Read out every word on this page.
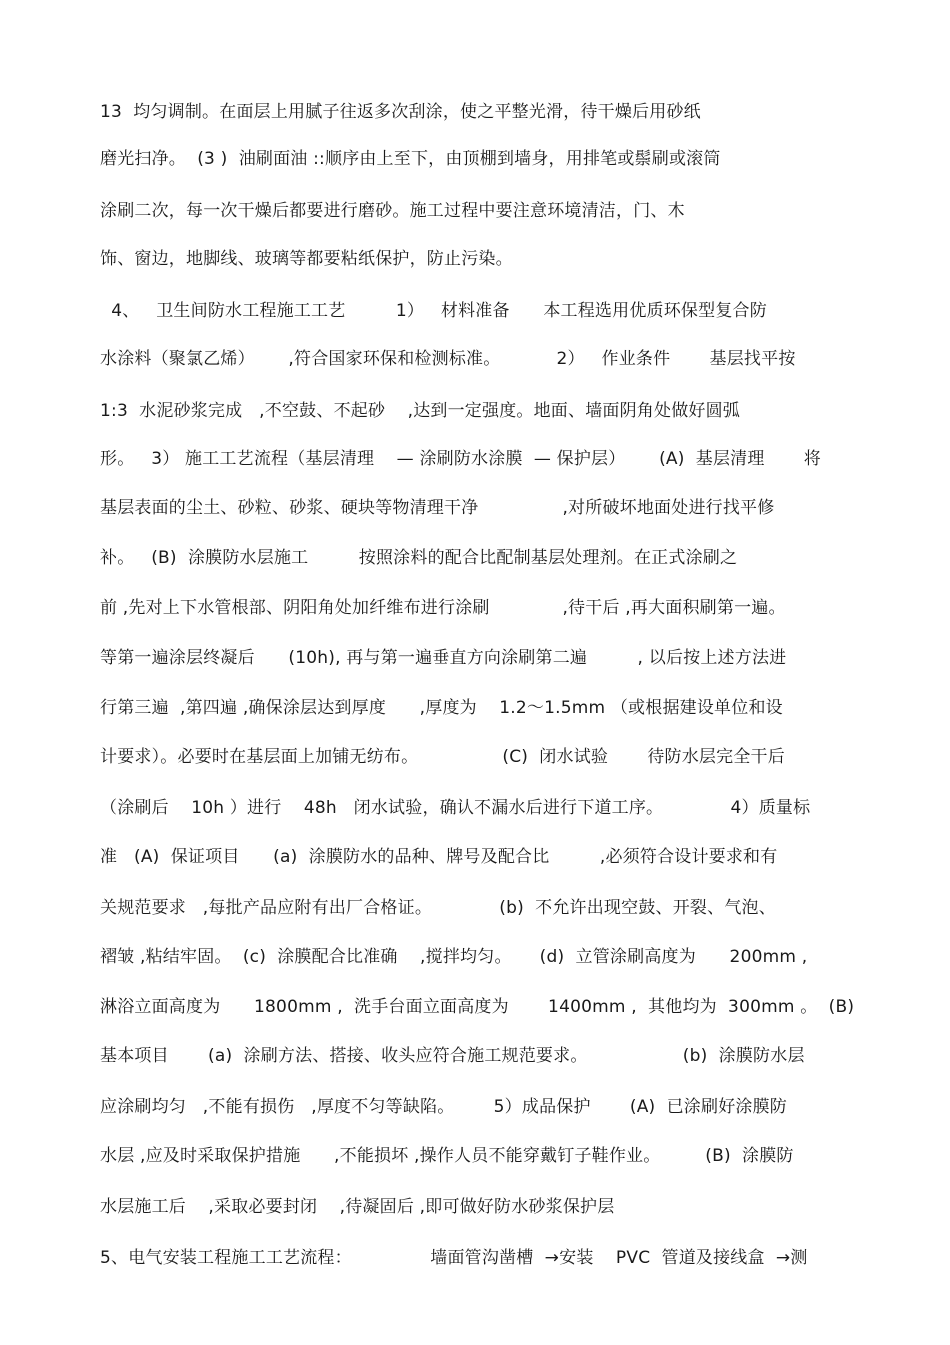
13  均匀调制。在面层上用腻子往返多次刮涂，使之平整光滑，待干燥后用砂纸
磨光扫净。  (3 )  油刷面油 ::顺序由上至下，由顶棚到墙身，用排笔或鬃刷或滚筒
涂刷二次，每一次干燥后都要进行磨砂。施工过程中要注意环境清洁，门、木
饰、窗边，地脚线、玻璃等都要粘纸保护，防止污染。
4、   卫生间防水工程施工工艺         1）   材料准备      本工程选用优质环保型复合防
水涂料（聚氯乙烯）      ,符合国家环保和检测标准。          2）   作业条件       基层找平按
1:3  水泥砂浆完成   ,不空鼓、不起砂    ,达到一定强度。地面、墙面阴角处做好圆弧
形。   3） 施工工艺流程（基层清理    — 涂刷防水涂膜  — 保护层）      (A)  基层清理       将
基层表面的尘土、砂粒、砂浆、硬块等物清理干净               ,对所破坏地面处进行找平修
补。   (B)  涂膜防水层施工         按照涂料的配合比配制基层处理剂。在正式涂刷之
前 ,先对上下水管根部、阴阳角处加纤维布进行涂刷             ,待干后 ,再大面积刷第一遍。
等第一遍涂层终凝后      (10h), 再与第一遍垂直方向涂刷第二遍         , 以后按上述方法进
行第三遍  ,第四遍 ,确保涂层达到厚度      ,厚度为    1.2～1.5mm （或根据建设单位和设
计要求）。必要时在基层面上加铺无纺布。               (C)  闭水试验       待防水层完全干后
（涂刷后    10h ）进行    48h   闭水试验，确认不漏水后进行下道工序。            4）质量标
准   (A)  保证项目      (a)  涂膜防水的品种、牌号及配合比         ,必须符合设计要求和有
关规范要求   ,每批产品应附有出厂合格证。            (b)  不允许出现空鼓、开裂、气泡、
褶皱 ,粘结牢固。  (c)  涂膜配合比准确    ,搅拌均匀。     (d)  立管涂刷高度为      200mm ,
淋浴立面高度为      1800mm ,  洗手台面立面高度为       1400mm ,  其他均为  300mm 。  (B)
基本项目       (a)  涂刷方法、搭接、收头应符合施工规范要求。                 (b)  涂膜防水层
应涂刷均匀   ,不能有损伤   ,厚度不匀等缺陷。       5）成品保护       (A)  已涂刷好涂膜防
水层 ,应及时采取保护措施      ,不能损坏 ,操作人员不能穿戴钉子鞋作业。        (B)  涂膜防
水层施工后    ,采取必要封闭    ,待凝固后 ,即可做好防水砂浆保护层
5、电气安装工程施工工艺流程：              墙面管沟凿槽  →安装    PVC  管道及接线盒  →测
